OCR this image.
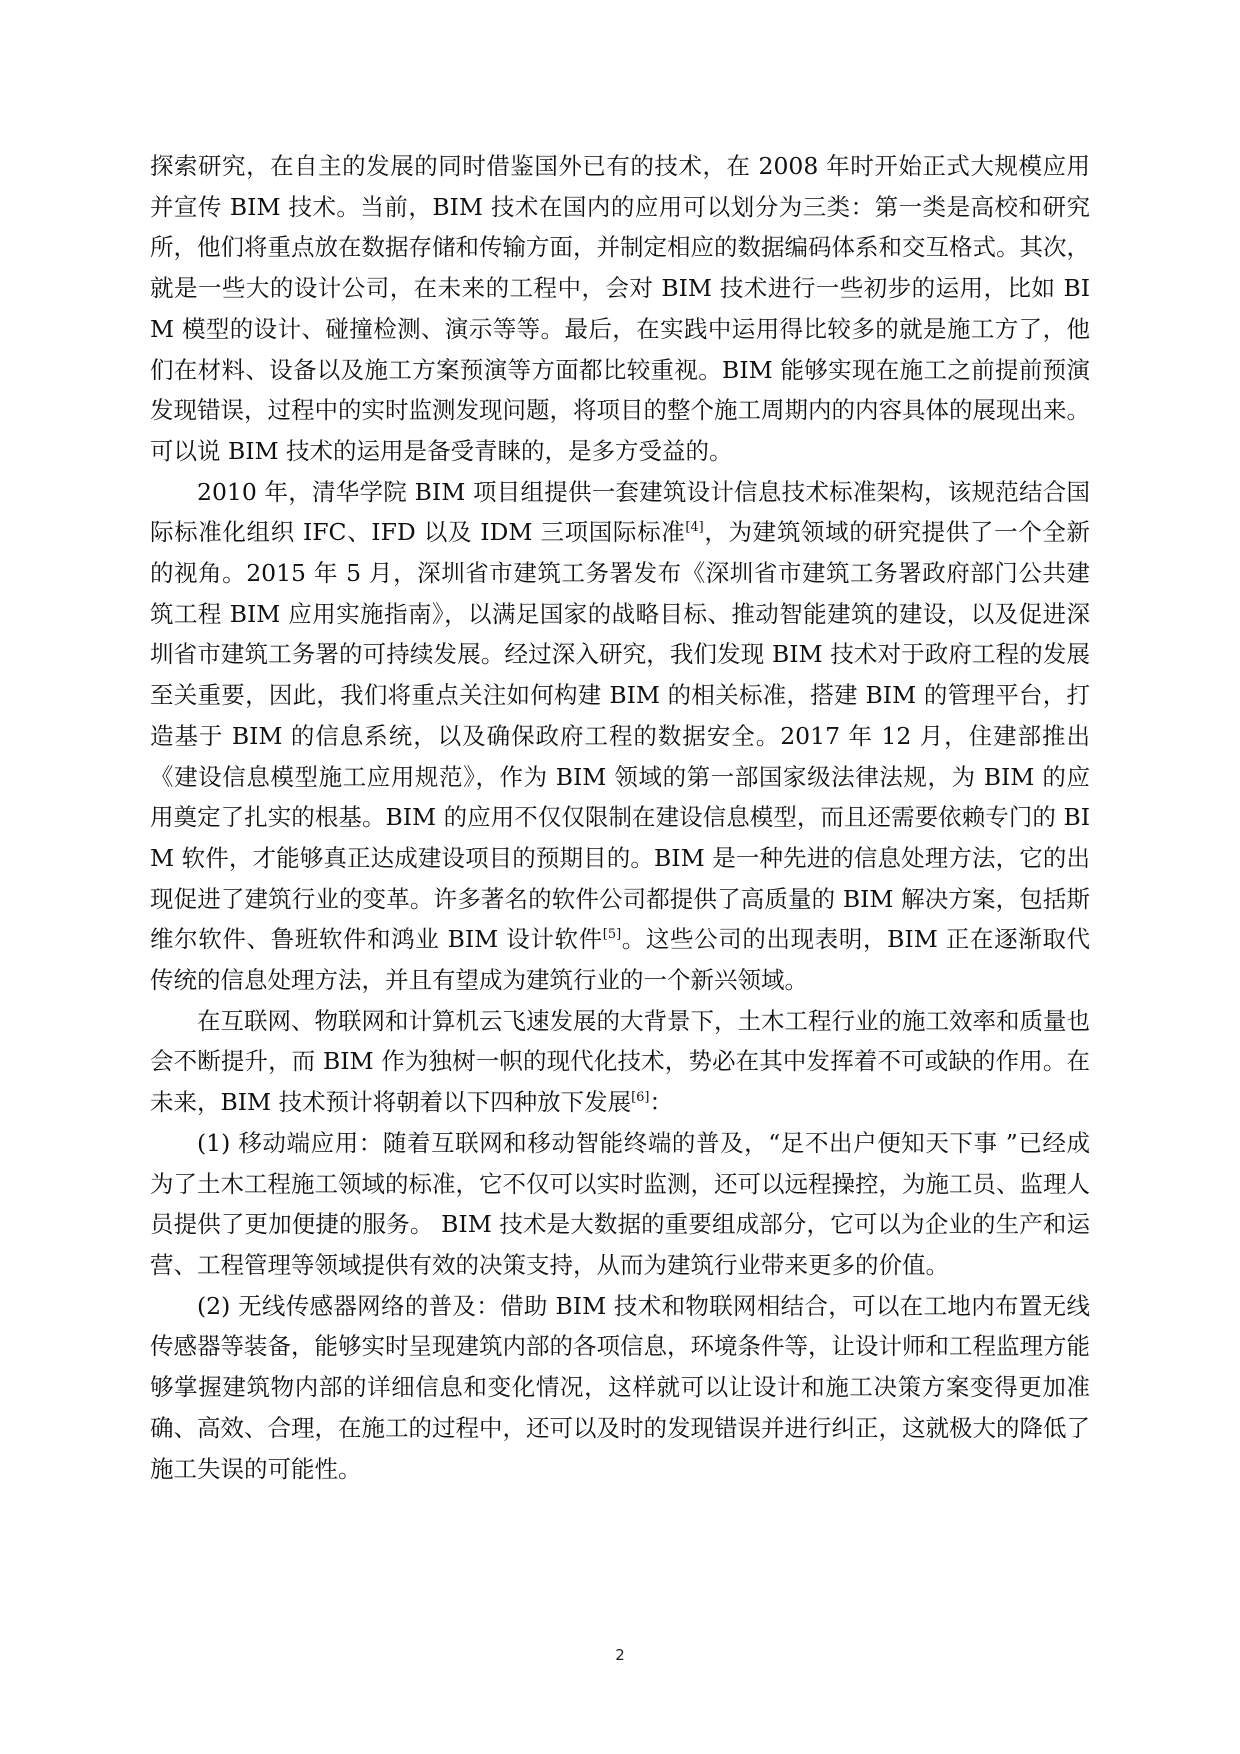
探索研究，在自主的发展的同时借鉴国外已有的技术，在 2008 年时开始正式大规模应用并宣传 BIM 技术。当前，BIM 技术在国内的应用可以划分为三类：第一类是高校和研究所，他们将重点放在数据存储和传输方面，并制定相应的数据编码体系和交互格式。其次，就是一些大的设计公司，在未来的工程中，会对 BIM 技术进行一些初步的运用，比如 BIM 模型的设计、碰撞检测、演示等等。最后，在实践中运用得比较多的就是施工方了，他们在材料、设备以及施工方案预演等方面都比较重视。BIM 能够实现在施工之前提前预演发现错误，过程中的实时监测发现问题，将项目的整个施工周期内的内容具体的展现出来。可以说 BIM 技术的运用是备受青睐的，是多方受益的。

2010 年，清华学院 BIM 项目组提供一套建筑设计信息技术标准架构，该规范结合国际标准化组织 IFC、IFD 以及 IDM 三项国际标准[4]，为建筑领域的研究提供了一个全新的视角。2015 年 5 月，深圳省市建筑工务署发布《深圳省市建筑工务署政府部门公共建筑工程 BIM 应用实施指南》，以满足国家的战略目标、推动智能建筑的建设，以及促进深圳省市建筑工务署的可持续发展。经过深入研究，我们发现 BIM 技术对于政府工程的发展至关重要，因此，我们将重点关注如何构建 BIM 的相关标准，搭建 BIM 的管理平台，打造基于 BIM 的信息系统，以及确保政府工程的数据安全。2017 年 12 月，住建部推出《建设信息模型施工应用规范》，作为 BIM 领域的第一部国家级法律法规，为 BIM 的应用奠定了扎实的根基。BIM 的应用不仅仅限制在建设信息模型，而且还需要依赖专门的 BIM 软件，才能够真正达成建设项目的预期目的。BIM 是一种先进的信息处理方法，它的出现促进了建筑行业的变革。许多著名的软件公司都提供了高质量的 BIM 解决方案，包括斯维尔软件、鲁班软件和鸿业 BIM 设计软件[5]。这些公司的出现表明，BIM 正在逐渐取代传统的信息处理方法，并且有望成为建筑行业的一个新兴领域。

在互联网、物联网和计算机云飞速发展的大背景下，土木工程行业的施工效率和质量也会不断提升，而 BIM 作为独树一帜的现代化技术，势必在其中发挥着不可或缺的作用。在未来，BIM 技术预计将朝着以下四种放下发展[6]：

(1) 移动端应用：随着互联网和移动智能终端的普及，“足不出户便知天下事 ”已经成为了土木工程施工领域的标准，它不仅可以实时监测，还可以远程操控，为施工员、监理人员提供了更加便捷的服务。 BIM 技术是大数据的重要组成部分，它可以为企业的生产和运营、工程管理等领域提供有效的决策支持，从而为建筑行业带来更多的价值。

(2) 无线传感器网络的普及：借助 BIM 技术和物联网相结合，可以在工地内布置无线传感器等装备，能够实时呈现建筑内部的各项信息，环境条件等，让设计师和工程监理方能够掌握建筑物内部的详细信息和变化情况，这样就可以让设计和施工决策方案变得更加准确、高效、合理，在施工的过程中，还可以及时的发现错误并进行纠正，这就极大的降低了施工失误的可能性。

2
